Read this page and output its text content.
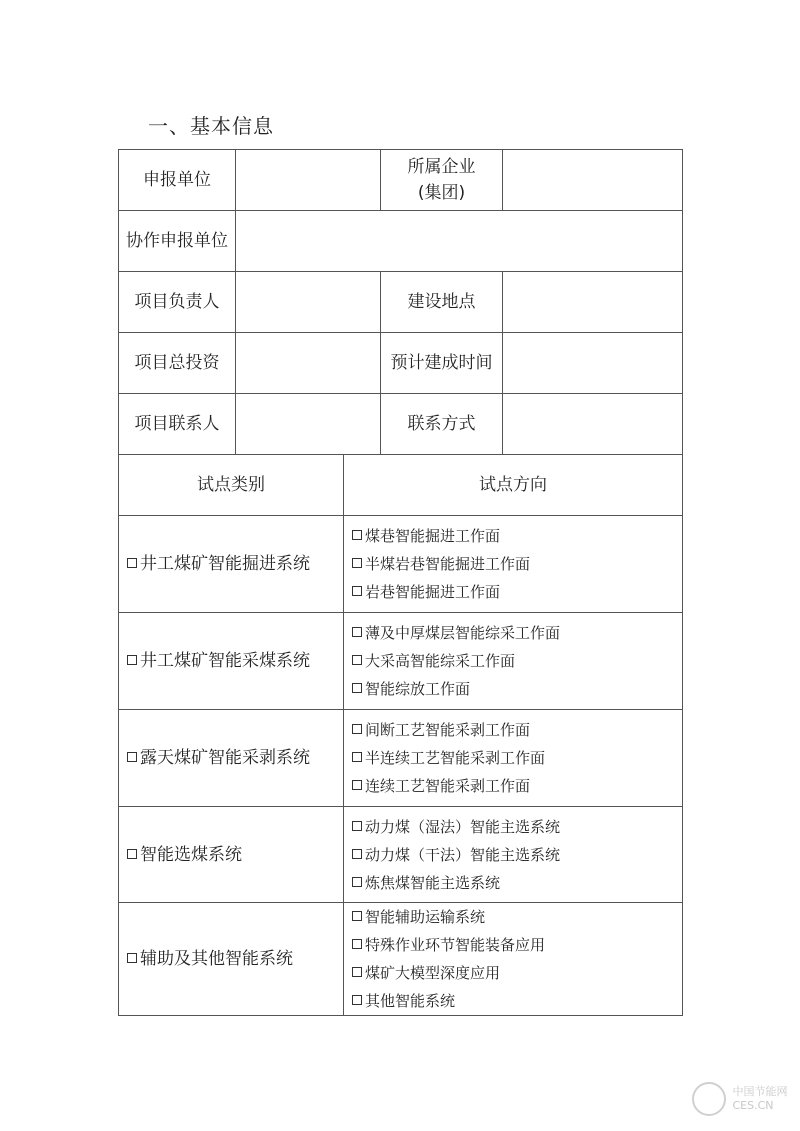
一、基本信息
申报单位		所属企业
(集团)	
协作申报单位			
项目负责人		建设地点	
项目总投资		预计建成时间	
项目联系人		联系方式	
试点类别	试点方向
井工煤矿智能掘进系统	煤巷智能掘进工作面
半煤岩巷智能掘进工作面
岩巷智能掘进工作面

井工煤矿智能采煤系统	薄及中厚煤层智能综采工作面
大采高智能综采工作面
智能综放工作面

露天煤矿智能采剥系统	间断工艺智能采剥工作面
半连续工艺智能采剥工作面
连续工艺智能采剥工作面

智能选煤系统	动力煤（湿法）智能主选系统
动力煤（干法）智能主选系统
炼焦煤智能主选系统

辅助及其他智能系统	智能辅助运输系统
特殊作业环节智能装备应用
煤矿大模型深度应用
其他智能系统
中国节能网
CES.CN
